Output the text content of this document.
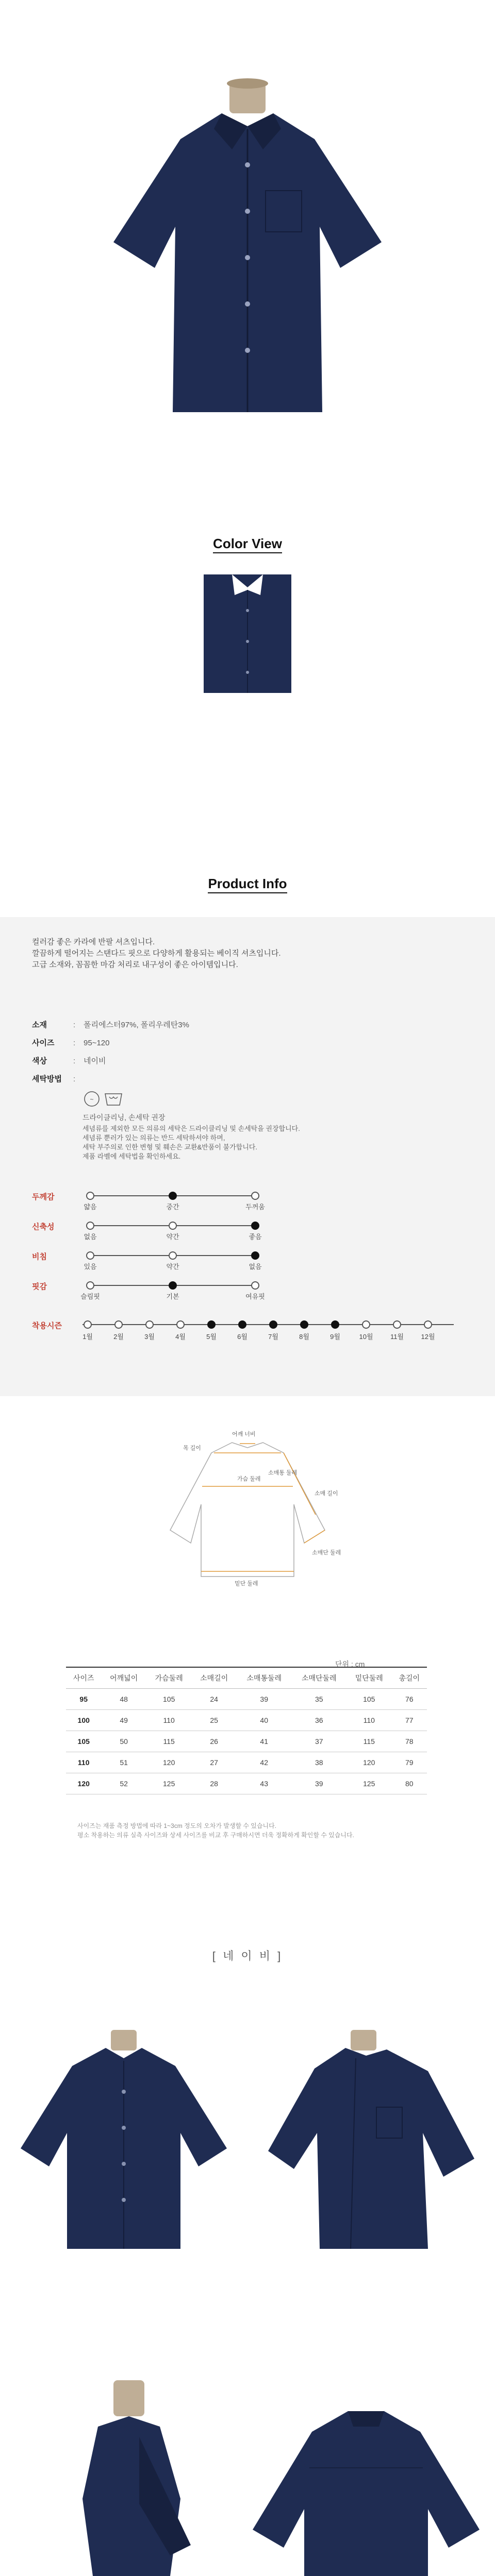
Color View
Product Info
컬러감 좋은 카라에 반팔 셔츠입니다.
깔끔하게 떨어지는 스탠다드 핏으로 다양하게 활용되는 베이직 셔츠입니다.
고급 소재와, 꼼꼼한 마감 처리로 내구성이 좋은 아이템입니다.
소재	: 폴리에스터97%, 폴리우레탄3%
사이즈 : 95~120
색상	: 네이비
세탁방법 :
~
드라이클리닝, 손세탁 권장
세념류를 제외한 모든 의류의 세탁은 드라이클리닝 및 손세탁을 권장합니다.
세념류 뿐러가 있는 의류는 반드 세탁하셔야 하며,
세탁 부주의로 인한 변형 및 훼손은 교환&반품이 불가합니다.
제품 라벨에 세탁법을 확인하세요.
두께감
얇음	중간	두꺼움
신축성
없음	약간	좋음
비침
있음	약간	없음
핏감
슬림핏	기본	여유핏
착용시즌
1월	2월	3월	4월	5월	6월	7월	8월	9월	10월	11월	12월
목 길이
어깨 너비
소매통 둘레
가슴 둘레
소매 길이
밑단 둘레
소매단 둘레
단위 : cm
사이즈	어깨넓이	가슴둘레	소매길이	소매통둘레	소매단둘레	밑단둘레	총길이
95	48	105	24	39	35	105	76
100	49	110	25	40	36	110	77
105	50	115	26	41	37	115	78
110	51	120	27	42	38	120	79
120	52	125	28	43	39	125	80
사이즈는 재품 측정 방법에 따라 1~3cm 정도의 오차가 발생할 수 있습니다.
평소 착용하는 의류 실측 사이즈와 상세 사이즈를 비교 후 구매하시면 더욱 정확하게 확인할 수 있습니다.
[ 네 이 비 ]
